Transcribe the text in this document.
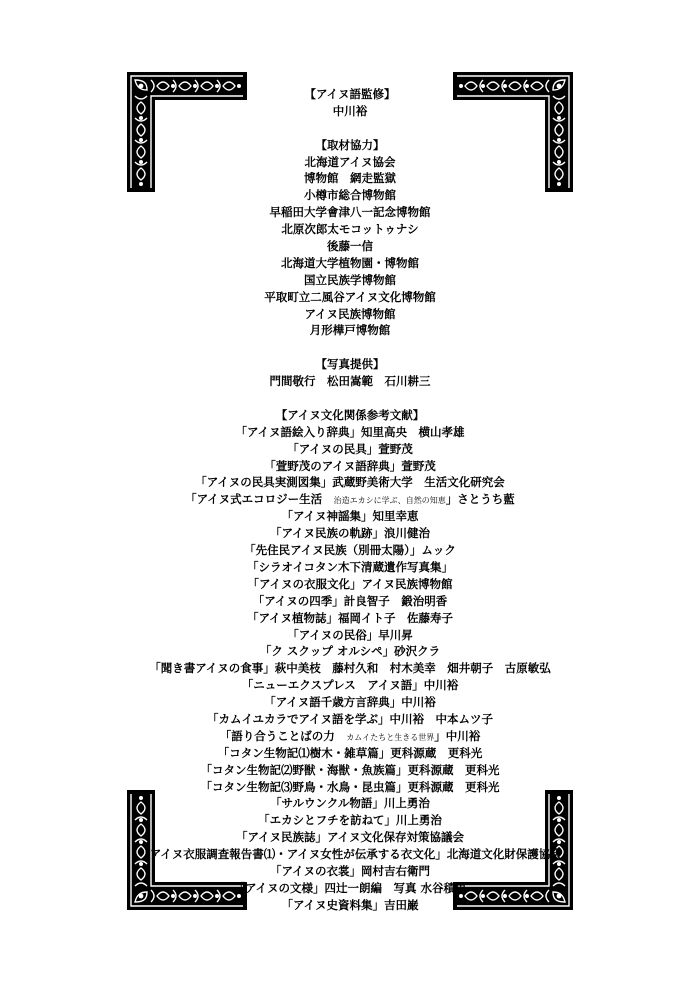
【アイヌ語監修】
中川裕
【取材協力】
北海道アイヌ協会
博物館　網走監獄
小樽市総合博物館
早稲田大学會津八一記念博物館
北原次郎太モコットゥナシ
後藤一信
北海道大学植物園・博物館
国立民族学博物館
平取町立二風谷アイヌ文化博物館
アイヌ民族博物館
月形樺戸博物館
【写真提供】
門間敬行　松田嵩範　石川耕三
【アイヌ文化関係参考文献】
「アイヌ語絵入り辞典」知里高央　横山孝雄
「アイヌの民具」萱野茂
「萱野茂のアイヌ語辞典」萱野茂
「アイヌの民具実測図集」武蔵野美術大学　生活文化研究会
「アイヌ式エコロジー生活　治造エカシに学ぶ、自然の知恵」さとうち藍
「アイヌ神謡集」知里幸恵
「アイヌ民族の軌跡」浪川健治
「先住民アイヌ民族（別冊太陽）」ムック
「シラオイコタン木下清蔵遺作写真集」
「アイヌの衣服文化」アイヌ民族博物館
「アイヌの四季」計良智子　鍛治明香
「アイヌ植物誌」福岡イト子　佐藤寿子
「アイヌの民俗」早川昇
「ク スクップ オルシペ」砂沢クラ
「聞き書アイヌの食事」萩中美枝　藤村久和　村木美幸　畑井朝子　古原敏弘
「ニューエクスプレス　アイヌ語」中川裕
「アイヌ語千歳方言辞典」中川裕
「カムイユカラでアイヌ語を学ぶ」中川裕　中本ムツ子
「語り合うことばの力　カムイたちと生きる世界」中川裕
「コタン生物記⑴樹木・雑草篇」更科源蔵　更科光
「コタン生物記⑵野獣・海獣・魚族篇」更科源蔵　更科光
「コタン生物記⑶野鳥・水鳥・昆虫篇」更科源蔵　更科光
「サルウンクル物語」川上勇治
「エカシとフチを訪ねて」川上勇治
「アイヌ民族誌」アイヌ文化保存対策協議会
「アイヌ衣服調査報告書⑴・アイヌ女性が伝承する衣文化」北海道文化財保護協会
「アイヌの衣裳」岡村吉右衛門
「アイヌの文様」四辻一朗編　写真 水谷積男
「アイヌ史資料集」吉田巌
